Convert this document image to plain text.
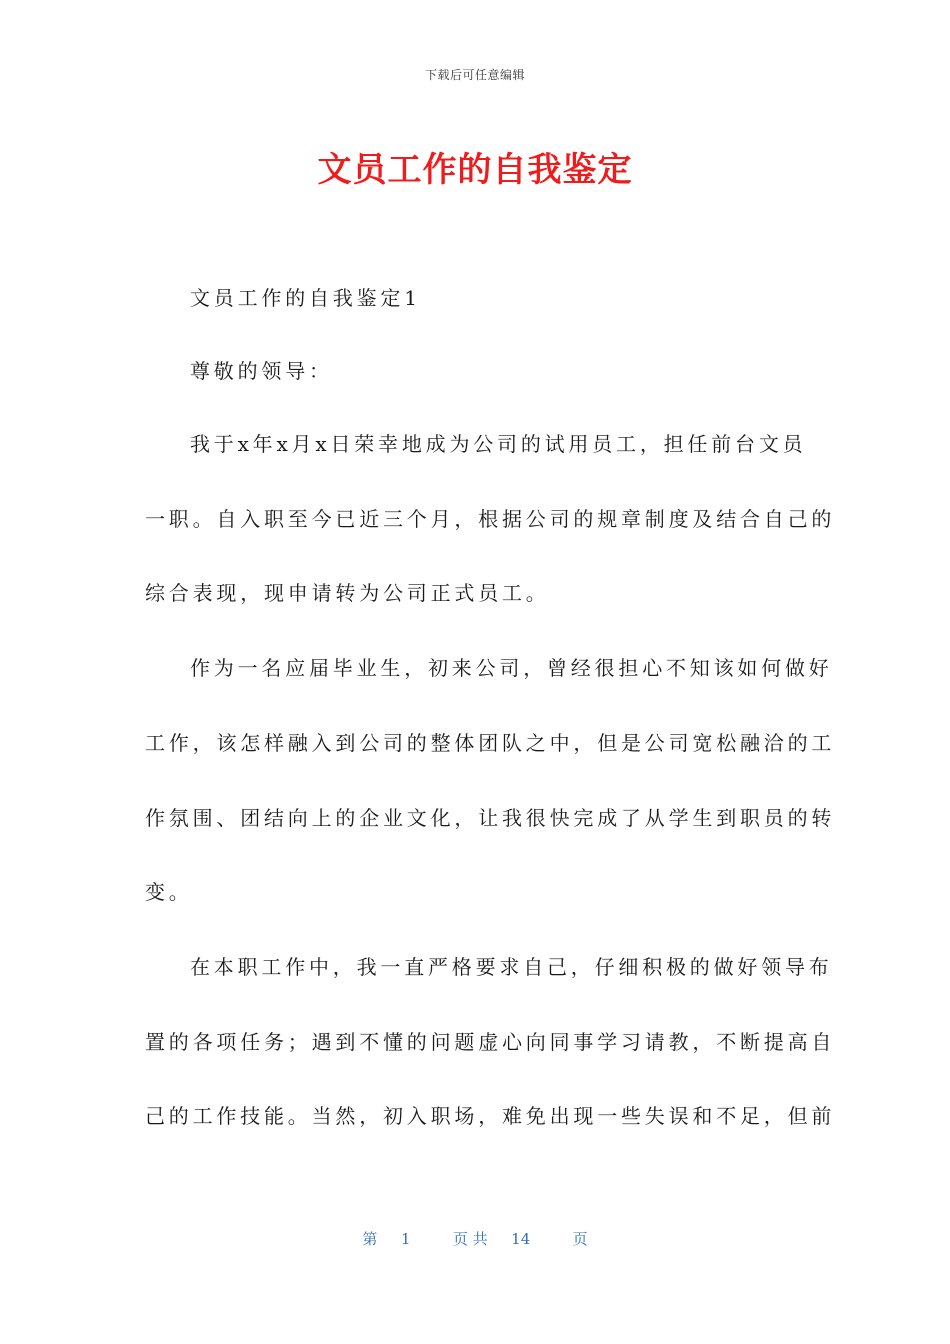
下载后可任意编辑
文员工作的自我鉴定
文员工作的自我鉴定1
尊敬的领导：
我于x年x月x日荣幸地成为公司的试用员工，担任前台文员
一职。自入职至今已近三个月，根据公司的规章制度及结合自己的
综合表现，现申请转为公司正式员工。
作为一名应届毕业生，初来公司，曾经很担心不知该如何做好
工作，该怎样融入到公司的整体团队之中，但是公司宽松融洽的工
作氛围、团结向上的企业文化，让我很快完成了从学生到职员的转
变。
在本职工作中，我一直严格要求自己，仔细积极的做好领导布
置的各项任务；遇到不懂的问题虚心向同事学习请教，不断提高自
己的工作技能。当然，初入职场，难免出现一些失误和不足，但前
第 1	页 共 14	页
